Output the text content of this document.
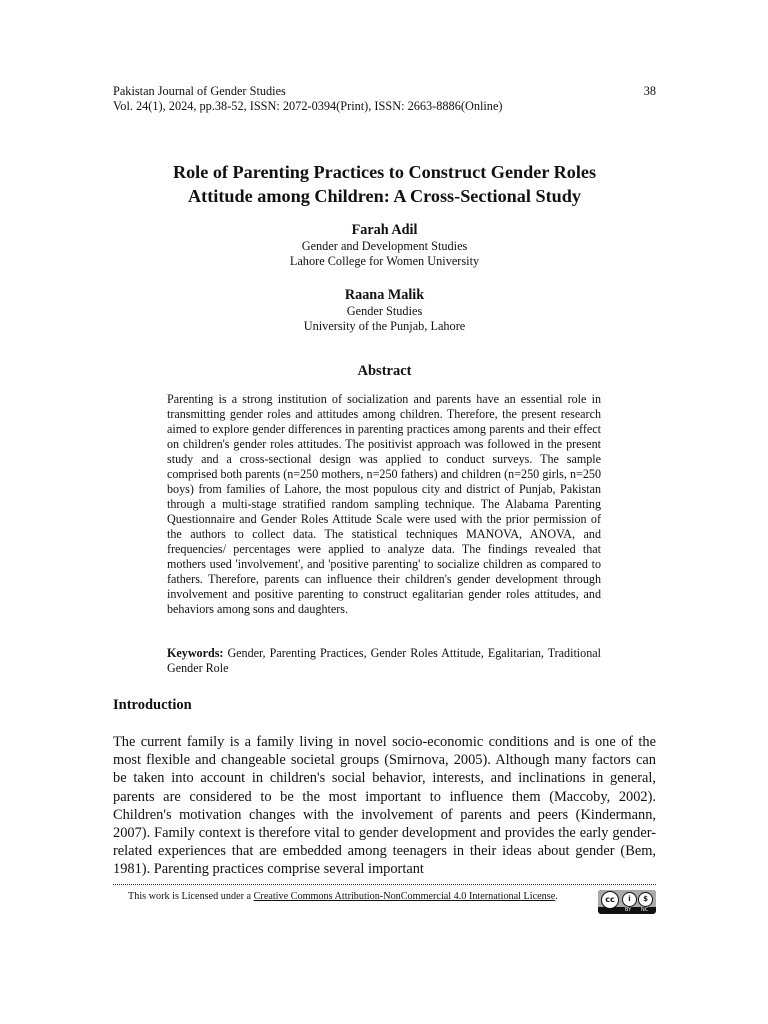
Pakistan Journal of Gender Studies
Vol. 24(1), 2024, pp.38-52, ISSN: 2072-0394(Print), ISSN: 2663-8886(Online)
38
Role of Parenting Practices to Construct Gender Roles
Attitude among Children: A Cross-Sectional Study
Farah Adil
Gender and Development Studies
Lahore College for Women University
Raana Malik
Gender Studies
University of the Punjab, Lahore
Abstract
Parenting is a strong institution of socialization and parents have an essential role in transmitting gender roles and attitudes among children. Therefore, the present research aimed to explore gender differences in parenting practices among parents and their effect on children's gender roles attitudes. The positivist approach was followed in the present study and a cross-sectional design was applied to conduct surveys. The sample comprised both parents (n=250 mothers, n=250 fathers) and children (n=250 girls, n=250 boys) from families of Lahore, the most populous city and district of Punjab, Pakistan through a multi-stage stratified random sampling technique. The Alabama Parenting Questionnaire and Gender Roles Attitude Scale were used with the prior permission of the authors to collect data. The statistical techniques MANOVA, ANOVA, and frequencies/ percentages were applied to analyze data. The findings revealed that mothers used 'involvement', and 'positive parenting' to socialize children as compared to fathers. Therefore, parents can influence their children's gender development through involvement and positive parenting to construct egalitarian gender roles attitudes, and behaviors among sons and daughters.
Keywords: Gender, Parenting Practices, Gender Roles Attitude, Egalitarian, Traditional Gender Role
Introduction
The current family is a family living in novel socio-economic conditions and is one of the most flexible and changeable societal groups (Smirnova, 2005). Although many factors can be taken into account in children's social behavior, interests, and inclinations in general, parents are considered to be the most important to influence them (Maccoby, 2002). Children's motivation changes with the involvement of parents and peers (Kindermann, 2007). Family context is therefore vital to gender development and provides the early gender-related experiences that are embedded among teenagers in their ideas about gender (Bem, 1981). Parenting practices comprise several important
This work is Licensed under a Creative Commons Attribution-NonCommercial 4.0 International License.	cc	i	$
BY NC
